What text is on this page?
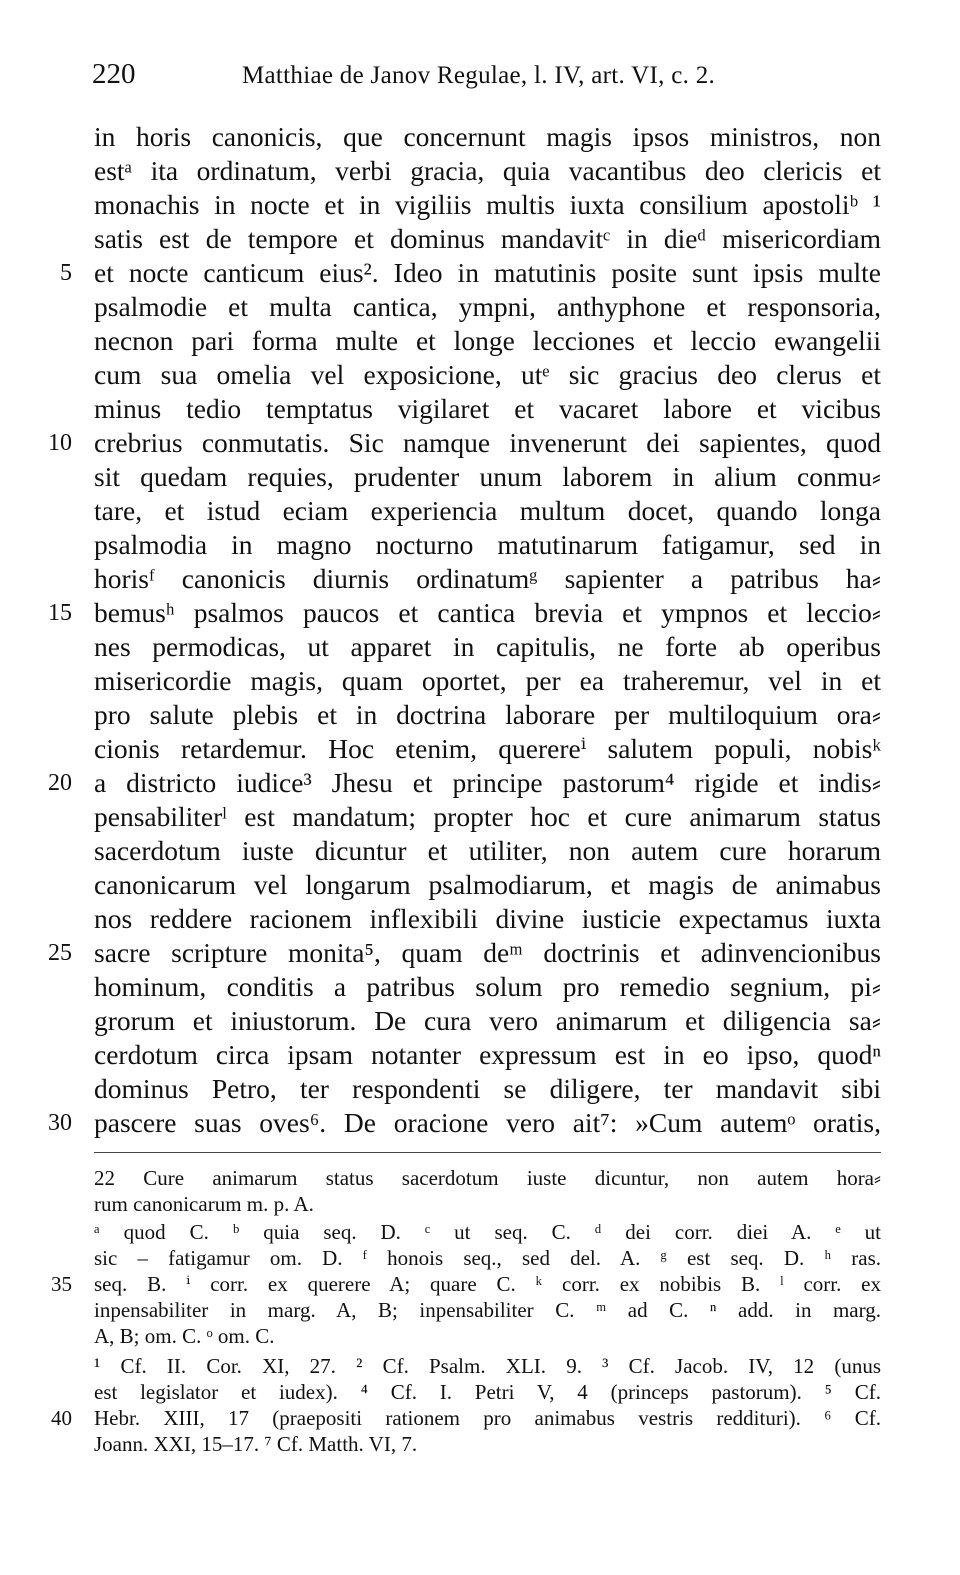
220	Matthiae de Janov Regulae, l. IV, art. VI, c. 2.
in horis canonicis, que concernunt magis ipsos ministros, non
estᵃ ita ordinatum, verbi gracia, quia vacantibus deo clericis et
monachis in nocte et in vigiliis multis iuxta consilium apostoliᵇ ¹
satis est de tempore et dominus mandavitᶜ in dieᵈ misericordiam
et nocte canticum eius². Ideo in matutinis posite sunt ipsis multe
psalmodie et multa cantica, ympni, anthyphone et responsoria,
necnon pari forma multe et longe lecciones et leccio ewangelii
cum sua omelia vel exposicione, utᵉ sic gracius deo clerus et
minus tedio temptatus vigilaret et vacaret labore et vicibus
crebrius conmutatis. Sic namque invenerunt dei sapientes, quod
sit quedam requies, prudenter unum laborem in alium conmu⸗
tare, et istud eciam experiencia multum docet, quando longa
psalmodia in magno nocturno matutinarum fatigamur, sed in
horisᶠ canonicis diurnis ordinatumᵍ sapienter a patribus ha⸗
bemusʰ psalmos paucos et cantica brevia et ympnos et leccio⸗
nes permodicas, ut apparet in capitulis, ne forte ab operibus
misericordie magis, quam oportet, per ea traheremur, vel in et
pro salute plebis et in doctrina laborare per multiloquium ora⸗
cionis retardemur. Hoc etenim, querereⁱ salutem populi, nobisᵏ
a districto iudice³ Jhesu et principe pastorum⁴ rigide et indis⸗
pensabiliterˡ est mandatum; propter hoc et cure animarum status
sacerdotum iuste dicuntur et utiliter, non autem cure horarum
canonicarum vel longarum psalmodiarum, et magis de animabus
nos reddere racionem inflexibili divine iusticie expectamus iuxta
sacre scripture monita⁵, quam deᵐ doctrinis et adinvencionibus
hominum, conditis a patribus solum pro remedio segnium, pi⸗
grorum et iniustorum. De cura vero animarum et diligencia sa⸗
cerdotum circa ipsam notanter expressum est in eo ipso, quodⁿ
dominus Petro, ter respondenti se diligere, ter mandavit sibi
pascere suas oves⁶. De oracione vero ait⁷: »Cum autemᵒ oratis,
5
10
15
20
25
30
22 Cure animarum status sacerdotum iuste dicuntur, non autem hora⸗
rum canonicarum m. p. A.
ᵃ quod C. ᵇ quia seq. D. ᶜ ut seq. C. ᵈ dei corr. diei A. ᵉ ut
sic – fatigamur om. D. ᶠ honois seq., sed del. A. ᵍ est seq. D. ʰ ras.
seq. B. ⁱ corr. ex querere A; quare C. ᵏ corr. ex nobibis B. ˡ corr. ex
inpensabiliter in marg. A, B; inpensabiliter C. ᵐ ad C. ⁿ add. in marg.
A, B; om. C. ᵒ om. C.
¹ Cf. II. Cor. XI, 27. ² Cf. Psalm. XLI. 9. ³ Cf. Jacob. IV, 12 (unus
est legislator et iudex). ⁴ Cf. I. Petri V, 4 (princeps pastorum). ⁵ Cf.
Hebr. XIII, 17 (praepositi rationem pro animabus vestris reddituri). ⁶ Cf.
Joann. XXI, 15–17. ⁷ Cf. Matth. VI, 7.
35
40
